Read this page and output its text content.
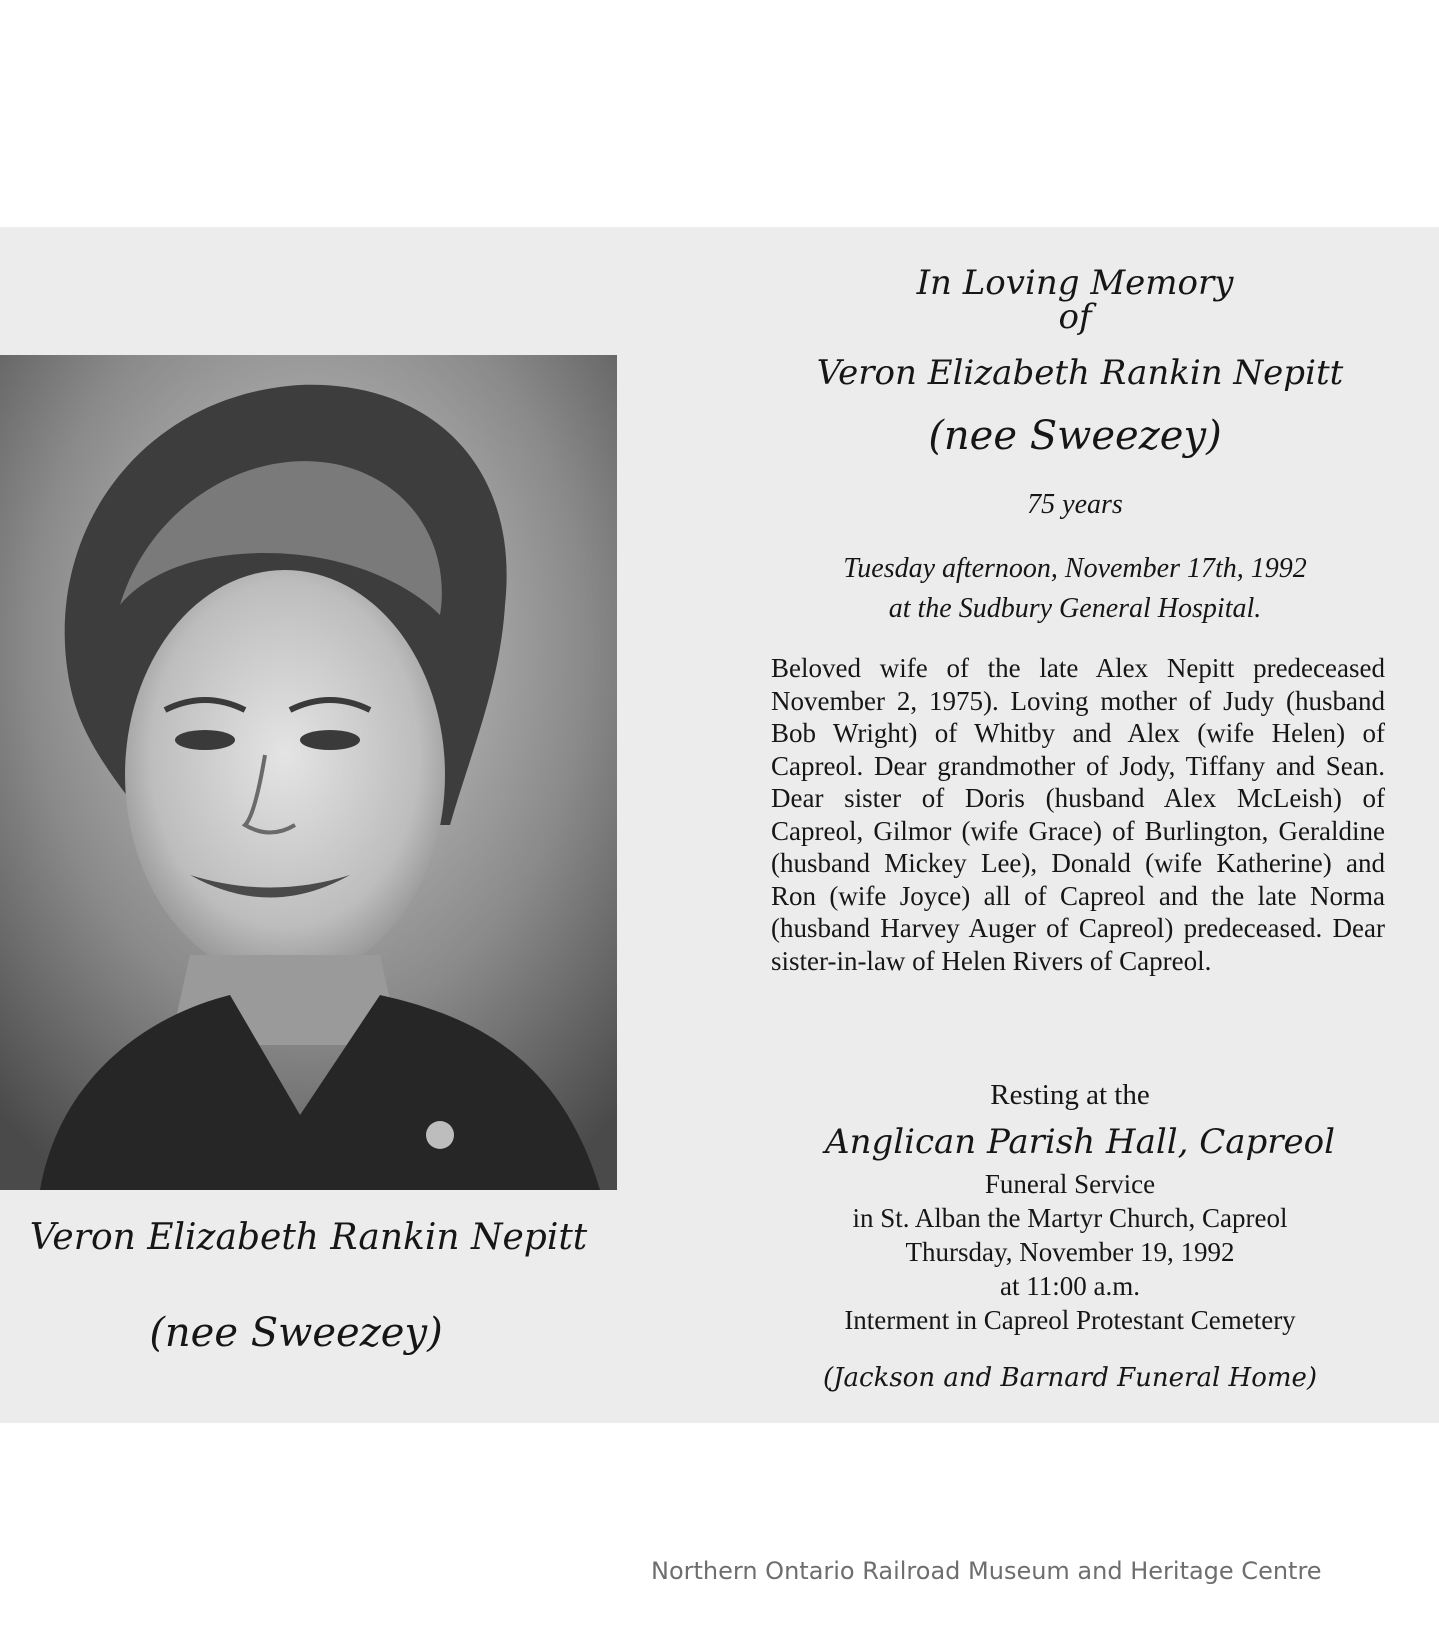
Veron Elizabeth Rankin Nepitt
(nee Sweezey)
In Loving Memory
of
Veron Elizabeth Rankin Nepitt
(nee Sweezey)
75 years
Tuesday afternoon, November 17th, 1992
at the Sudbury General Hospital.
Beloved wife of the late Alex Nepitt predeceased November 2, 1975). Loving mother of Judy (husband Bob Wright) of Whitby and Alex (wife Helen) of Capreol. Dear grandmother of Jody, Tiffany and Sean. Dear sister of Doris (husband Alex McLeish) of Capreol, Gilmor (wife Grace) of Burlington, Geraldine (husband Mickey Lee), Donald (wife Katherine) and Ron (wife Joyce) all of Capreol and the late Norma (husband Harvey Auger of Capreol) predeceased. Dear sister-in-law of Helen Rivers of Capreol.
Resting at the
Anglican Parish Hall, Capreol
Funeral Service
in St. Alban the Martyr Church, Capreol
Thursday, November 19, 1992
at 11:00 a.m.
Interment in Capreol Protestant Cemetery
(Jackson and Barnard Funeral Home)
Northern Ontario Railroad Museum and Heritage Centre
